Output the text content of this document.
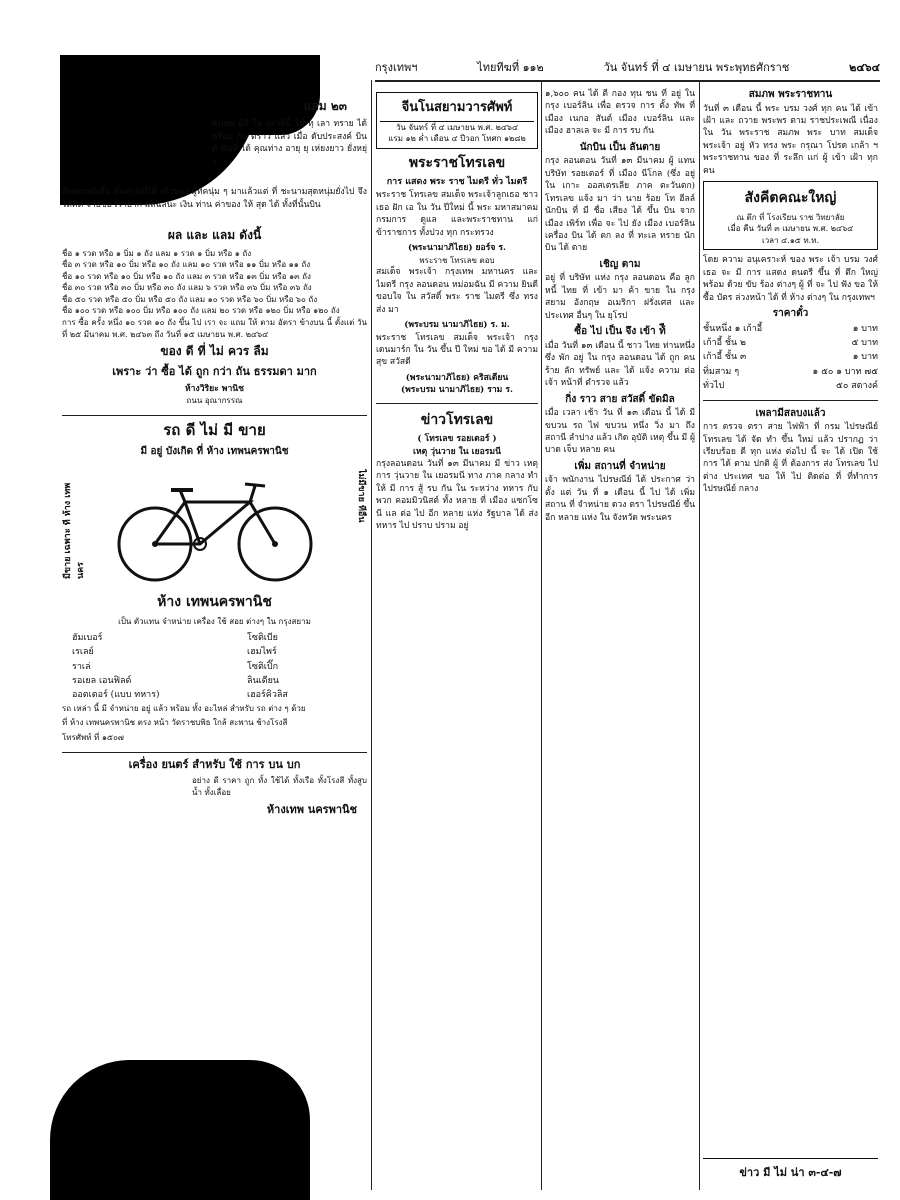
กรุงเทพฯ	ไทยทีฆที่ ๑๑๒	วัน จันทร์ ที่ ๔ เมษายน พระพุทธศักราช	๒๔๖๔
แลม ๒๓

ค้นพบ ผู้มี ใจ กูลาผู้นี้ ได้ ทุ เลา ทราย ได้ พร้อม กับ ตราว แล้ว เมื่อ ดับประสงค์ บิน ต์ มั่นที่ ได้ คุณท่าง อายุ ยุ เห่ยงยาว ยั่งหยุ่ง

ค้นหาหนังสือ ค้นท่านที่ได้ เจ้าของ ผู้ทีคนุ่ม ๆ มาแล้วแต่ ที่ ชะนามสุดหนุ่มยั่งไป จึงได้คิด จ่ายชอ เรายาก แลฉลนะ เงิน ท่าน ค่าของ ให้ สุด ได้ ทั้งที่นั้นบิน

ผล และ แลม ดังนี้
ชื่อ ๑ รวด หรือ ๑ บิ่ม ๑ ถัง แลม ๑ รวด ๑ บิ่ม หรือ ๑ ถัง
ชื่อ ๓ รวด หรือ ๑๐ บิ่ม หรือ ๑๐ ถัง แลม ๑๐ รวด หรือ ๑๑ บิ่ม หรือ ๑๑ ถัง
ชื่อ ๑๐ รวด หรือ ๑๐ บิ่ม หรือ ๑๐ ถัง แลม ๓ รวด หรือ ๑๓ บิ่ม หรือ ๑๓ ถัง
ชื่อ ๓๐ รวด หรือ ๓๐ บิ่ม หรือ ๓๐ ถัง แลม ๖ รวด หรือ ๓๖ บิ่ม หรือ ๓๖ ถัง
ชื่อ ๕๐ รวด หรือ ๕๐ บิ่ม หรือ ๕๐ ถัง แลม ๑๐ รวด หรือ ๖๐ บิ่ม หรือ ๖๐ ถัง
ชื่อ ๑๐๐ รวด หรือ ๑๐๐ บิ่ม หรือ ๑๐๐ ถัง แลม ๒๐ รวด หรือ ๑๒๐ บิ่ม หรือ ๑๒๐ ถัง

การ ซื้อ ครั้ง หนึ่ง ๑๐ รวด ๑๐ ถัง ขึ้น ไป เรา จะ แถม ให้ ตาม อัตรา ข้างบน นี้ ตั้งแต่ วัน ที่ ๒๕ มีนาคม พ.ศ. ๒๔๖๓ ถึง วันที่ ๑๕ เมษายน พ.ศ. ๒๔๖๔

ของ ดี ที่ ไม่ ควร ลืม
เพราะ ว่า ซื้อ ได้ ถูก กว่า ถัน ธรรมดา มาก
ห้างวิริยะ พานิช
ถนน อุณากรรณ
รถ ดี ไม่ มี ขาย
มี อยู่ บังเกิด ที่ ห้าง เทพนครพานิช
มีขาย เฉพาะ ที่ ห้าง เทพนคร
ไม่มีขาย ที่อื่น
ห้าง เทพนครพานิช

เป็น ตัวแทน จำหน่าย เครื่อง ใช้ สอย ต่างๆ ใน กรุงสยาม

ฮัมเบอร์	โซติเบีย
เรเลย์	เฮมไพร์
ราเล่	โซติเปิ๊ก
รอเยล เอนฟิลด์	ลินเดียน
ออตเตอร์ (แบบ ทหาร)	เฮอร์คิวลิส

รถ เหล่า นี้ มี จำหน่าย อยู่ แล้ว พร้อม ทั้ง อะไหล่ สำหรับ รถ ต่าง ๆ ด้วย

ที่ ห้าง เทพนครพานิช ตรง หน้า วัดราชบพิธ ใกล้ สะพาน ช้างโรงสี

โทรศัพท์ ที่ ๑๕๐๗
เครื่อง ยนตร์ สำหรับ ใช้ การ บน บก

อย่าง ดี ราคา ถูก ทั้ง ใช้ได้ ทั้งเรือ ทั้งโรงสี ทั้งสูบน้ำ ทั้งเลื่อย

ห้างเทพ นครพานิช
จีนโนสยามวารศัพท์
วัน จันทร์ ที่ ๔ เมษายน พ.ศ. ๒๔๖๔
แรม ๑๒ ค่ำ เดือน ๔ ปีวอก โทศก ๑๒๘๒
พระราชโทรเลข
การ แสดง พระ ราช ไมตรี ทั่ว ไมตรี

พระราช โทรเลข สมเด็จ พระเจ้าลูกเธอ ชาวเธอ ฝัก เอ ใน วัน ปีใหม่ นี้ พระ มหาสมาคม กรมการ ดูแล และพระราชทาน แก่ข้าราชการ ทั้งปวง ทุก กระทรวง

(พระนามาภิไธย) ยอร์จ ร.
พระราช โทรเลข ตอบ

สมเด็จ พระเจ้า กรุงเทพ มหานคร และ ไมตรี กรุง ลอนดอน หม่อมฉัน มี ความ ยินดี ขอบใจ ใน สวัสดิ์ พระ ราช ไมตรี ซึ่ง ทรง ส่ง มา

(พระบรม นามาภิไธย) ร. ม.

พระราช โทรเลข สมเด็จ พระเจ้า กรุง เดนมาร์ก ใน วัน ขึ้น ปี ใหม่ ขอ ได้ มี ความ สุข สวัสดี

(พระนามาภิไธย) คริสเตียน
(พระบรม นามาภิไธย) ราม ร.
ข่าวโทรเลข
( โทรเลข รอยเตอร์ )
เหตุ วุ่นวาย ใน เยอรมนี

กรุงลอนดอน วันที่ ๑๓ มีนาคม มี ข่าว เหตุ การ วุ่นวาย ใน เยอรมนี ทาง ภาค กลาง ทำ ให้ มี การ สู้ รบ กัน ใน ระหว่าง ทหาร กับ พวก คอมมิวนิสต์ ทั้ง หลาย ที่ เมือง แซกโซนี แล ต่อ ไป อีก หลาย แห่ง รัฐบาล ได้ ส่ง ทหาร ไป ปราบ ปราม อยู่

๑,๖๐๐ คน ได้ ตี กอง ทุน ชน ที่ อยู่ ใน กรุง เบอร์ลิน เพื่อ ตรวจ การ ตั้ง ทัพ ที่ เมือง เนกอ สันต์ เมือง เบอร์ลิน และ เมือง ฮาลเล จะ มี การ รบ กัน

นักบิน เป็น ลันตาย

กรุง ลอนดอน วันที่ ๑๓ มีนาคม ผู้ แทน บริษัท รอยเตอร์ ที่ เมือง นีโกล (ซึ่ง อยู่ ใน เกาะ ออสเตรเลีย ภาค ตะวันตก) โทรเลข แจ้ง มา ว่า นาย ร้อย โท ฮีลล์ นักบิน ที่ มี ชื่อ เสียง ได้ ขึ้น บิน จาก เมือง เพิร์ท เพื่อ จะ ไป ยัง เมือง เบอร์ลิน เครื่อง บิน ได้ ตก ลง ที่ ทะเล ทราย นัก บิน ได้ ตาย

เชิญ ตาม

อยู่ ที่ บริษัท แห่ง กรุง ลอนดอน คือ ลูกหนี้ ไทย ที่ เข้า มา ค้า ขาย ใน กรุง สยาม อังกฤษ อเมริกา ฝรั่งเศส และ ประเทศ อื่นๆ ใน ยุโรป

ซื้อ ไป เป็น จึง เข้า ท้ี

เมื่อ วันที่ ๑๓ เดือน นี้ ชาว ไทย ท่านหนึ่ง ซึ่ง พัก อยู่ ใน กรุง ลอนดอน ได้ ถูก คน ร้าย ลัก ทรัพย์ และ ได้ แจ้ง ความ ต่อ เจ้า หน้าที่ ตำรวจ แล้ว

กิ่ง ราว สาย สวัสดิ์ ขัดมิล

เมื่อ เวลา เช้า วัน ที่ ๑๓ เดือน นี้ ได้ มี ขบวน รถ ไฟ ขบวน หนึ่ง วิ่ง มา ถึง สถานี ลำปาง แล้ว เกิด อุบัติ เหตุ ขึ้น มี ผู้ บาด เจ็บ หลาย คน

เพิ่ม สถานที่ จำหน่าย

เจ้า พนักงาน ไปรษณีย์ ได้ ประกาศ ว่า ตั้ง แต่ วัน ที่ ๑ เดือน นี้ ไป ได้ เพิ่ม สถาน ที่ จำหน่าย ดวง ตรา ไปรษณีย์ ขึ้น อีก หลาย แห่ง ใน จังหวัด พระนคร

สมภพ พระราชทาน

วันที่ ๓ เดือน นี้ พระ บรม วงศ์ ทุก คน ได้ เข้า เฝ้า และ ถวาย พระพร ตาม ราชประเพณี เนื่อง ใน วัน พระราช สมภพ พระ บาท สมเด็จ พระเจ้า อยู่ หัว ทรง พระ กรุณา โปรด เกล้า ฯ พระราชทาน ของ ที่ ระลึก แก่ ผู้ เข้า เฝ้า ทุก คน

สังคีตคณะใหญ่
ณ ตึก ที่ โรงเรียน ราช วิทยาลัย
เมื่อ คืน วันที่ ๓ เมษายน พ.ศ. ๒๔๖๔
เวลา ๔.๑๕ ท.ท.

โดย ความ อนุเคราะห์ ของ พระ เจ้า บรม วงศ์ เธอ จะ มี การ แสดง ดนตรี ขึ้น ที่ ตึก ใหญ่ พร้อม ด้วย ขับ ร้อง ต่างๆ ผู้ ที่ จะ ไป ฟัง ขอ ให้ ซื้อ บัตร ล่วงหน้า ได้ ที่ ห้าง ต่างๆ ใน กรุงเทพฯ

ราคาตั๋ว
ชั้นหนึ่ง ๑ เก้าอี้	๑ บาท
เก้าอี้ ชั้น ๒	๕ บาท
เก้าอี้ ชั้น ๓	๑ บาท
ทิ่มสาม ๆ	๑ ๕๐ ๑ บาท ๗๕
ทั่วไป	๕๐ สตางค์
เพลามีสลบงแล้ว

การ ตรวจ ตรา สาย ไฟฟ้า ที่ กรม ไปรษณีย์ โทรเลข ได้ จัด ทำ ขึ้น ใหม่ แล้ว ปรากฏ ว่า เรียบร้อย ดี ทุก แห่ง ต่อไป นี้ จะ ได้ เปิด ใช้ การ ได้ ตาม ปกติ ผู้ ที่ ต้องการ ส่ง โทรเลข ไป ต่าง ประเทศ ขอ ให้ ไป ติดต่อ ที่ ที่ทำการ ไปรษณีย์ กลาง

ข่าว มี ไม่ น่า ๓-๔-๗
